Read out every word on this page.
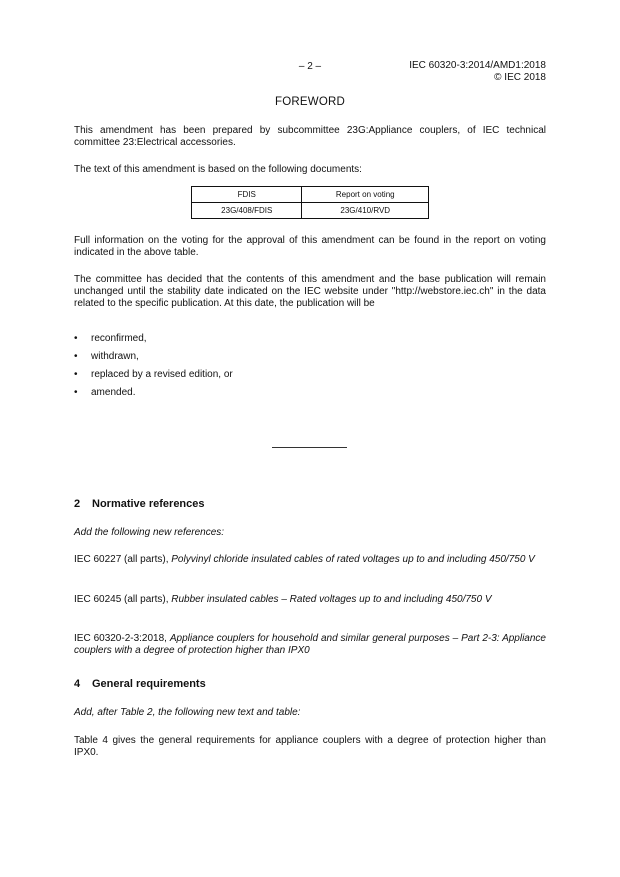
– 2 –	IEC 60320-3:2014/AMD1:2018
© IEC 2018
FOREWORD
This amendment has been prepared by subcommittee 23G:Appliance couplers, of IEC technical committee 23:Electrical accessories.
The text of this amendment is based on the following documents:
FDIS	Report on voting
23G/408/FDIS	23G/410/RVD
Full information on the voting for the approval of this amendment can be found in the report on voting indicated in the above table.
The committee has decided that the contents of this amendment and the base publication will remain unchanged until the stability date indicated on the IEC website under "http://webstore.iec.ch" in the data related to the specific publication. At this date, the publication will be
• reconfirmed,
• withdrawn,
• replaced by a revised edition, or
• amended.
2 Normative references
Add the following new references:
IEC 60227 (all parts), Polyvinyl chloride insulated cables of rated voltages up to and including 450/750 V
IEC 60245 (all parts), Rubber insulated cables – Rated voltages up to and including 450/750 V
IEC 60320-2-3:2018, Appliance couplers for household and similar general purposes – Part 2-3: Appliance couplers with a degree of protection higher than IPX0
4 General requirements
Add, after Table 2, the following new text and table:
Table 4 gives the general requirements for appliance couplers with a degree of protection higher than IPX0.
